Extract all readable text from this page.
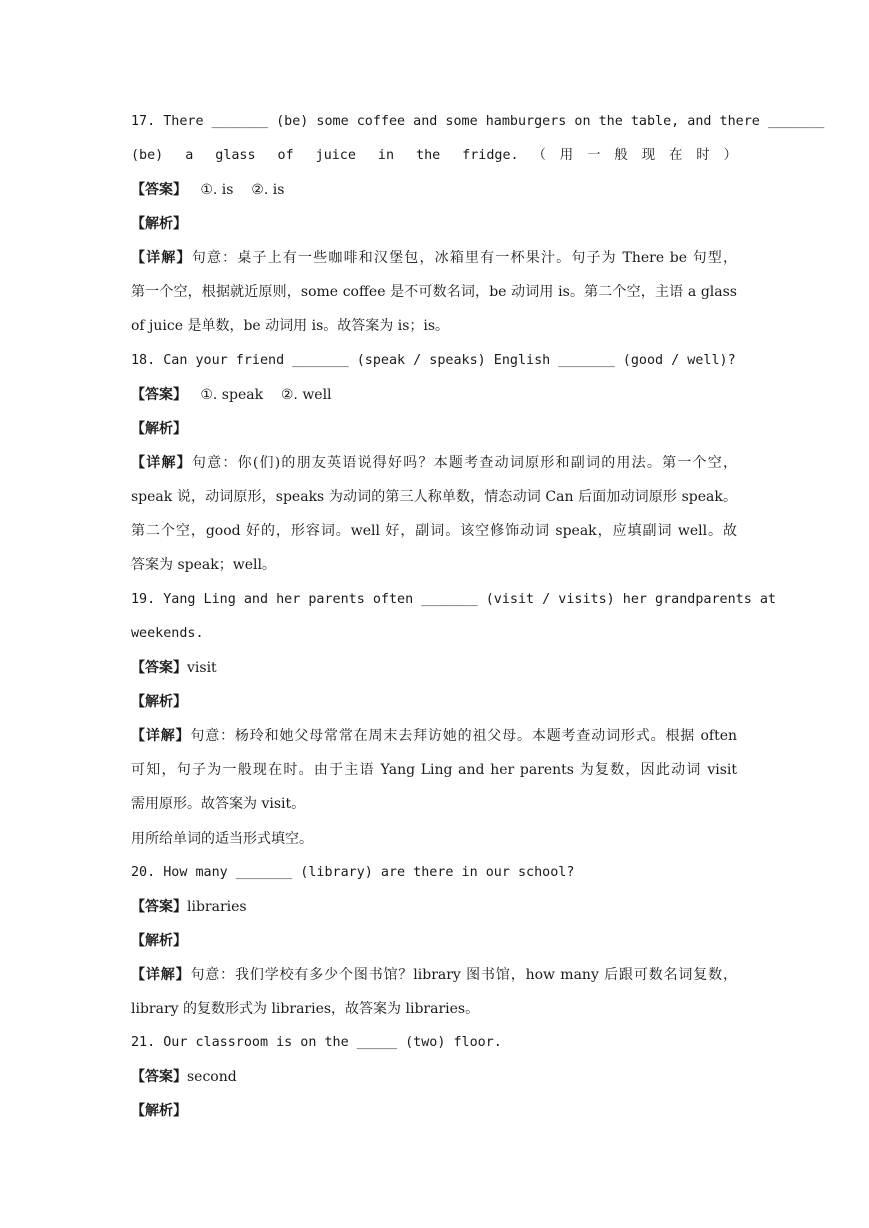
17. There _______ (be) some coffee and some hamburgers on the table, and there _______
(be) a glass of juice in the fridge.（用一般现在时）
【答案】   ①. is    ②. is
【解析】
【详解】句意：桌子上有一些咖啡和汉堡包，冰箱里有一杯果汁。句子为 There be 句型，
第一个空，根据就近原则，some coffee 是不可数名词，be 动词用 is。第二个空，主语 a glass
of juice 是单数，be 动词用 is。故答案为 is；is。
18. Can your friend _______ (speak / speaks) English _______ (good / well)?
【答案】   ①. speak    ②. well
【解析】
【详解】句意：你(们)的朋友英语说得好吗？本题考查动词原形和副词的用法。第一个空，
speak 说，动词原形，speaks 为动词的第三人称单数，情态动词 Can 后面加动词原形 speak。
第二个空，good 好的，形容词。well 好，副词。该空修饰动词 speak，应填副词 well。故
答案为 speak；well。
19. Yang Ling and her parents often _______ (visit / visits) her grandparents at
weekends.
【答案】visit
【解析】
【详解】句意：杨玲和她父母常常在周末去拜访她的祖父母。本题考查动词形式。根据 often
可知，句子为一般现在时。由于主语 Yang Ling and her parents 为复数，因此动词 visit
需用原形。故答案为 visit。
用所给单词的适当形式填空。
20. How many _______ (library) are there in our school?
【答案】libraries
【解析】
【详解】句意：我们学校有多少个图书馆？library 图书馆，how many 后跟可数名词复数，
library 的复数形式为 libraries，故答案为 libraries。
21. Our classroom is on the _____ (two) floor.
【答案】second
【解析】
